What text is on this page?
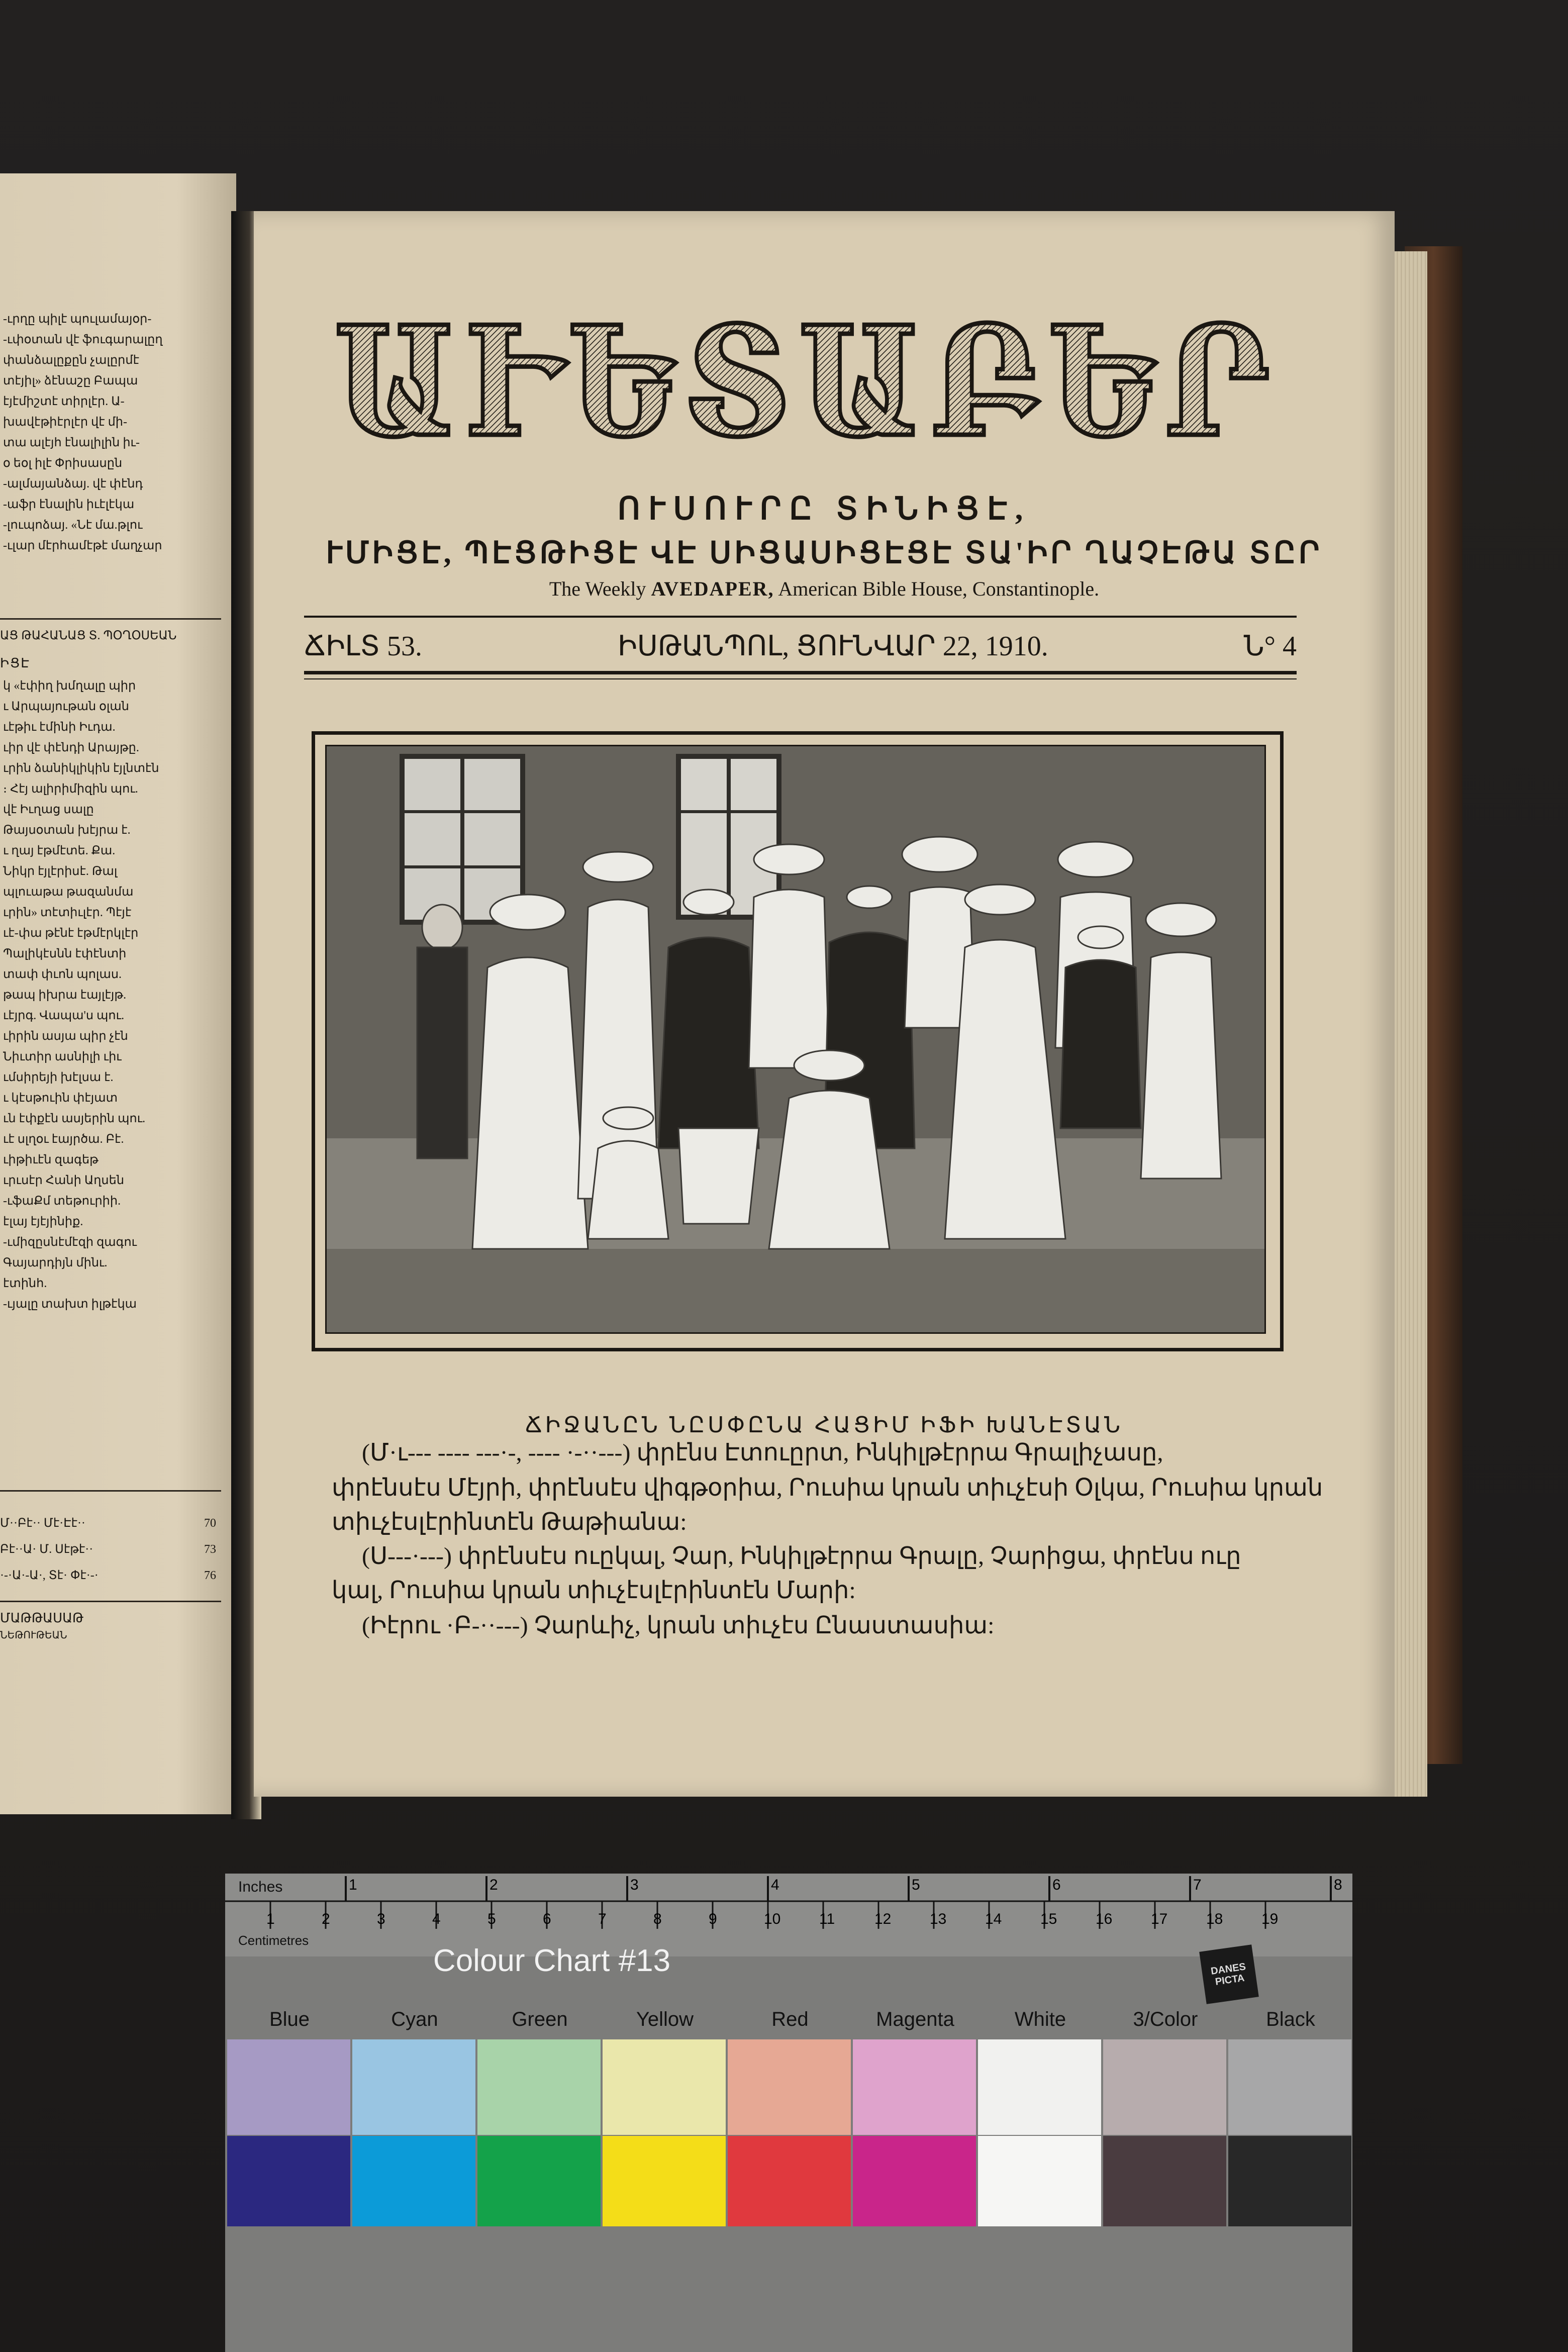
-ւրղը պիլէ պուլամայօր-
-ւփօտան վէ ֆուգարալըղ
փանձալըքըն չալըրմէ
տէյիլ» ձէնաշը Բապա
էյէմիշտէ տիրլէր. Ա-
խավէթիէրլէր վէ մի-
տա ալէյհ էնալիլին իւ-
օ եօլ իլէ Փրիսասըն
-ալմայանձայ. վէ փէնդ
-աֆր էնալին իւէլէկա
-լուպոձայ. «Նէ մա.թլու
-ւլար մէրհամէթէ մաղչար
ԱՑ ԹԱՀԱՆԱՑ Տ. ՊՕՂՕՍԵԱՆ
ԻՑԷ
կ «էփիղ խմղալը պիր
ւ Արպայութան օլան
ւէթիւ էմինի Իւդա.
ւիր վէ փէնդի Արայթը.
ւրին ձանիկլիկին էյլնտէն
։ Հէյ ալիրիմիզին պու.
վէ Իւղաց սալը
Թայսօտան խէյրա է.
ւ ղայ էթմէտե. Քա.
Նիկր էյլէրիսէ. Թալ
պլուաթա թազանմա
ւրին» տէտիւլէր. Պէյէ
ւէ-փա թէնէ էթմէրկլէր
Պալիկէսնն էփէնտի
տափ փւոն պոլաս.
թապ իխրա էայլէյթ.
ւէյրգ. Վապա'ս պու.
ւիրին ասյա պիր չէն
Նիւտիր ասնիլի ւիւ
ւմսիրեյի խէլսա է.
ւ կէսթուին փէյատ
ւն էփքէն ասյերին պու.
ւէ սլղօւ էայրծա. Բէ.
ւիթիւէն զագեթ
ւրւսէր Հանի Աղսեն
-ւֆաՔմ տեթուրիի.
էլայ էյէյինիք.
-ւմիզըսնէմէզի զագու
Գայարդիյն մինւ.
էտինհ.
-ւյալը տախտ իլթէկա
Մ··Բէ·· Մէ·Էէ··	70
Բէ··Ա· Մ. Սէթէ··	73
·-·Ա·-Ա·, Տէ· Փէ·-·	76
ՄԱԹԹԱՍԱԹ
ՆԵԹՈՒԹԵԱՆ
ԱՒԵՏԱԲԵՐ
ՈՒՍՈՒՐԸ ՏԻՆԻՑԷ,
ՒՄԻՑԷ, ՊԷՑԹԻՑԷ ՎԷ ՍԻՑԱՍԻՑԷՑԷ ՏԱ'ԻՐ ՂԱՉԷԹԱ ՏԸՐ
The Weekly AVEDAPER, American Bible House, Constantinople.
ՃԻԼՏ 53.	ԻՍԹԱՆՊՈԼ, ՑՈՒՆՎԱՐ 22, 1910.	Ն° 4
ՃԻՋԱՆԸՆ ՆԸՍՓԸՆԱ ՀԱՑԻՄ ԻՖԻ ԽԱՆԷՏԱՆ
(Մ·ւ--- ---- ---·-, ---- ·-··---) փրէնս Էտուըրտ, Ինկիլթէրրա Գրալիչասը,
փրէնսէս Մէյրի, փրէնսէս վիգթօրիա, Րուսիա կրան տիւչէսի Օլկա, Րուսիա կրան
տիւչէսլէրինտէն Թաթիանա:
(Ս---·---) փրէնսէս ուըկալ, Չար, Ինկիլթէրրա Գրալը, Չարիցա, փրէնս ուը
կալ, Րուսիա կրան տիւչէսլէրինտէն Մարի:
(Իէրու ·Բ-··---) Չարևիչ, կրան տիւչէս Ընաստասիա:
Inches
Centimetres
1	2	3	4	5	6	7	8
1	2	3	4	5	6	7	8	9	10	11	12	13	14	15	16	17	18	19
Colour Chart #13	DANES
PICTA
Blue	Cyan	Green	Yellow	Red	Magenta	White	3/Color	Black
